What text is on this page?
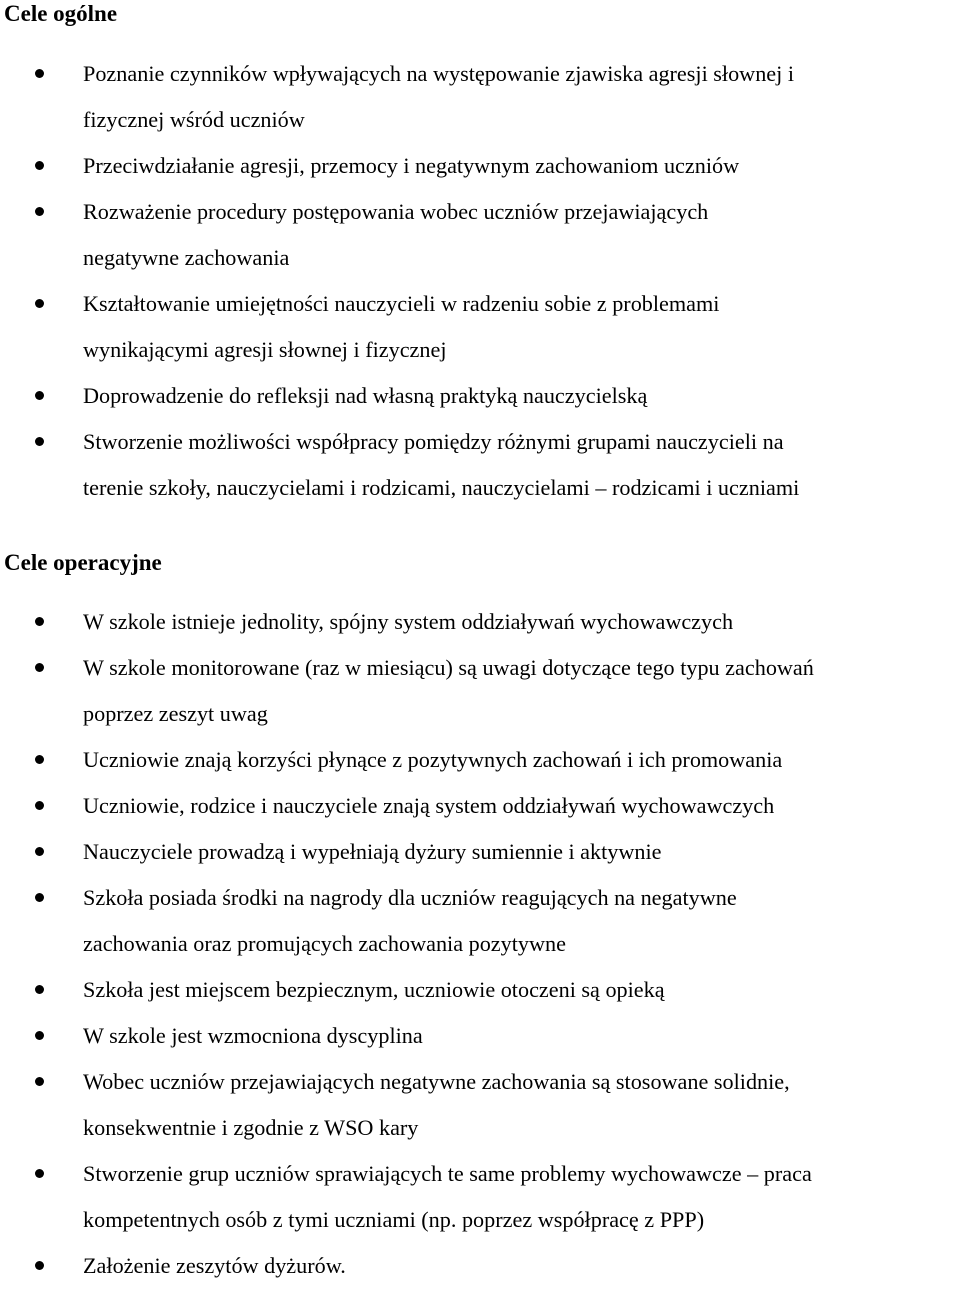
Cele ogólne
Poznanie czynników wpływających na występowanie zjawiska agresji słownej i
fizycznej wśród uczniów
Przeciwdziałanie agresji, przemocy i negatywnym zachowaniom uczniów
Rozważenie procedury postępowania wobec uczniów przejawiających
negatywne zachowania
Kształtowanie umiejętności nauczycieli w radzeniu sobie z problemami
wynikającymi agresji słownej i fizycznej
Doprowadzenie do refleksji nad własną praktyką nauczycielską
Stworzenie możliwości współpracy pomiędzy różnymi grupami nauczycieli na
terenie szkoły, nauczycielami i rodzicami, nauczycielami – rodzicami i uczniami
Cele operacyjne
W szkole istnieje jednolity, spójny system oddziaływań wychowawczych
W szkole monitorowane (raz w miesiącu) są uwagi dotyczące tego typu zachowań
poprzez zeszyt uwag
Uczniowie znają korzyści płynące z pozytywnych zachowań i ich promowania
Uczniowie, rodzice i nauczyciele znają system oddziaływań wychowawczych
Nauczyciele prowadzą i wypełniają dyżury sumiennie i aktywnie
Szkoła posiada środki na nagrody dla uczniów reagujących na negatywne
zachowania oraz promujących zachowania pozytywne
Szkoła jest miejscem bezpiecznym, uczniowie otoczeni są opieką
W szkole jest wzmocniona dyscyplina
Wobec uczniów przejawiających negatywne zachowania są stosowane solidnie,
konsekwentnie i zgodnie z WSO kary
Stworzenie grup uczniów sprawiających te same problemy wychowawcze – praca
kompetentnych osób z tymi uczniami (np. poprzez współpracę z PPP)
Założenie zeszytów dyżurów.
